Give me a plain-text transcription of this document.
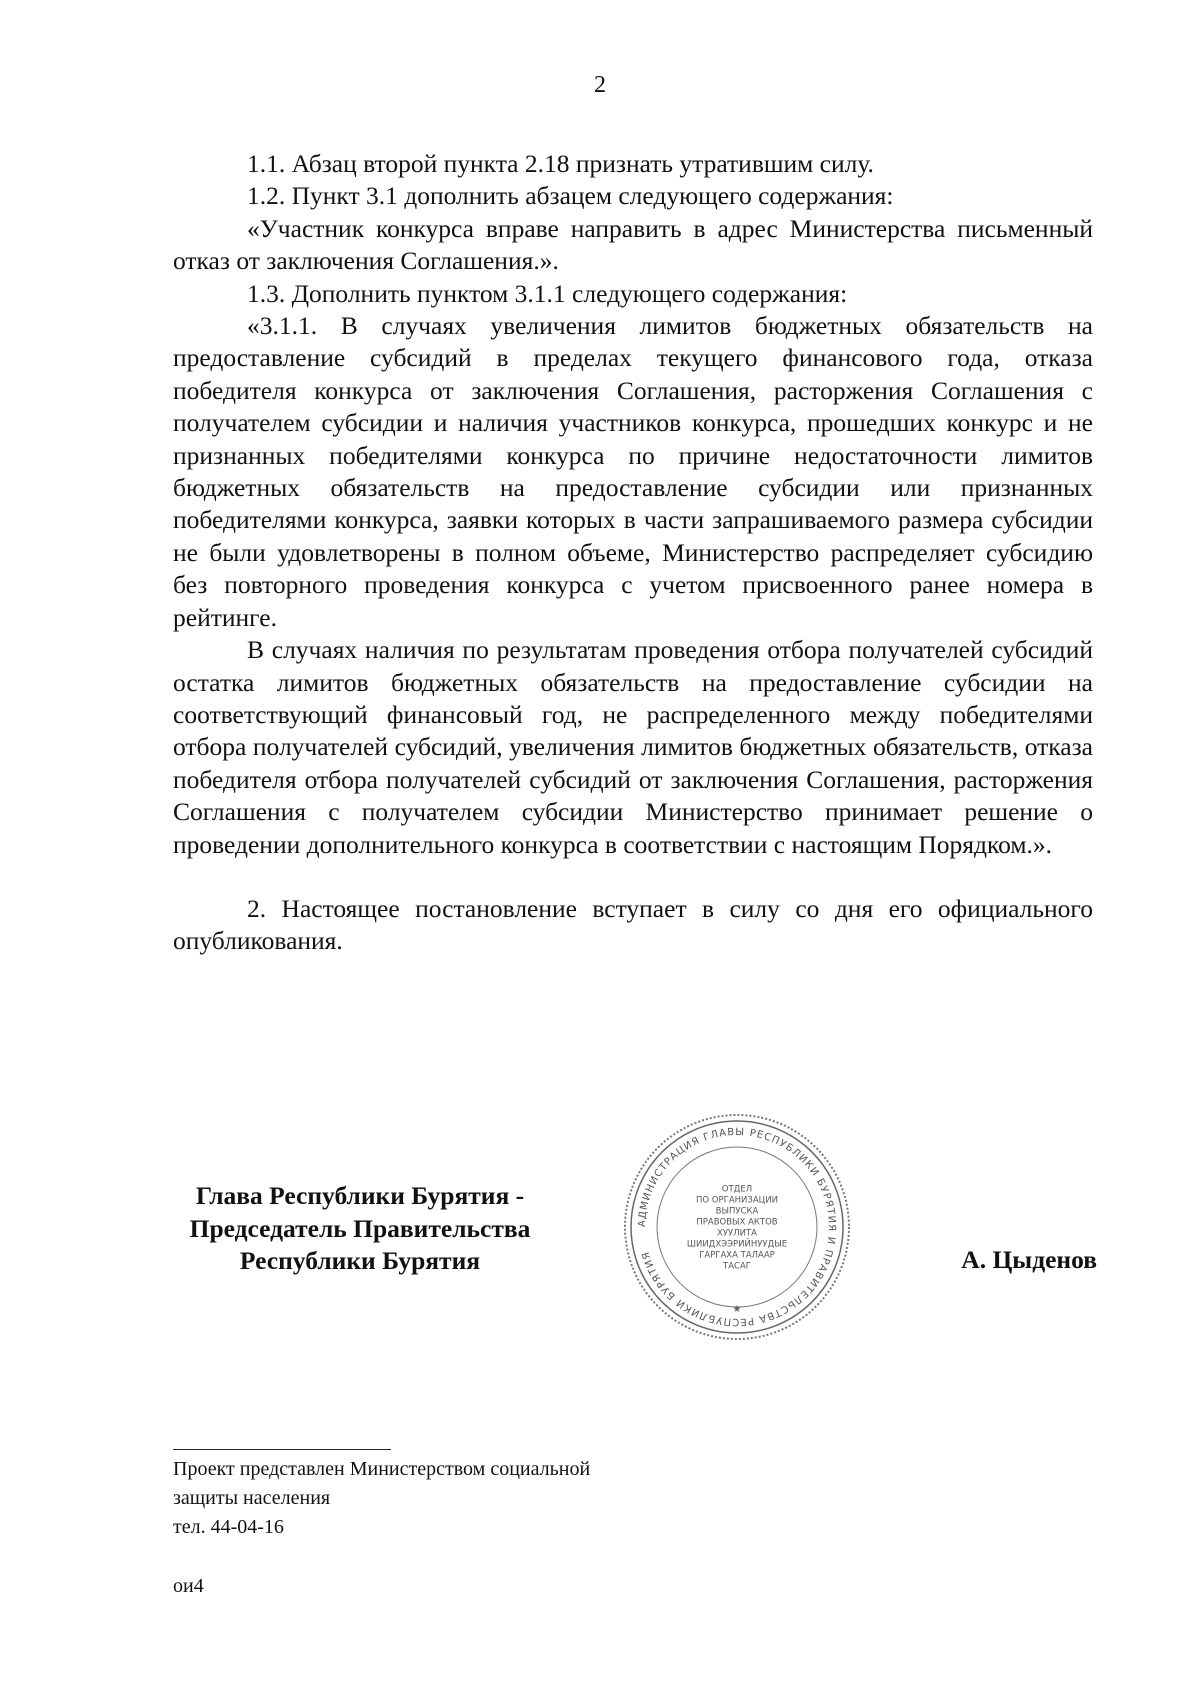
2

1.1. Абзац второй пункта 2.18 признать утратившим силу.

1.2. Пункт 3.1 дополнить абзацем следующего содержания:

«Участник конкурса вправе направить в адрес Министерства письменный отказ от заключения Соглашения.».

1.3. Дополнить пунктом 3.1.1 следующего содержания:

«3.1.1. В случаях увеличения лимитов бюджетных обязательств на предоставление субсидий в пределах текущего финансового года, отказа победителя конкурса от заключения Соглашения, расторжения Соглашения с получателем субсидии и наличия участников конкурса, прошедших конкурс и не признанных победителями конкурса по причине недостаточности лимитов бюджетных обязательств на предоставление субсидии или признанных победителями конкурса, заявки которых в части запрашиваемого размера субсидии не были удовлетворены в полном объеме, Министерство распределяет субсидию без повторного проведения конкурса с учетом присвоенного ранее номера в рейтинге.

В случаях наличия по результатам проведения отбора получателей субсидий остатка лимитов бюджетных обязательств на предоставление субсидии на соответствующий финансовый год, не распределенного между победителями отбора получателей субсидий, увеличения лимитов бюджетных обязательств, отказа победителя отбора получателей субсидий от заключения Соглашения, расторжения Соглашения с получателем субсидии Министерство принимает решение о проведении дополнительного конкурса в соответствии с настоящим Порядком.».

2. Настоящее постановление вступает в силу со дня его официального опубликования.

Глава Республики Бурятия -
Председатель Правительства
Республики Бурятия
АДМИНИСТРАЦИЯ ГЛАВЫ РЕСПУБЛИКИ БУРЯТИЯ И ПРАВИТЕЛЬСТВА РЕСПУБЛИКИ БУРЯТИЯ
ОТДЕЛ
ПО ОРГАНИЗАЦИИ
ВЫПУСКА
ПРАВОВЫХ АКТОВ
ХУУЛИТА
ШИИДХЭЭРИЙНУУДЫЕ
ГАРГАХА ТАЛААР
ТАСАГ
★
А. Цыденов
Проект представлен Министерством социальной
защиты населения
тел. 44-04-16
ои4
